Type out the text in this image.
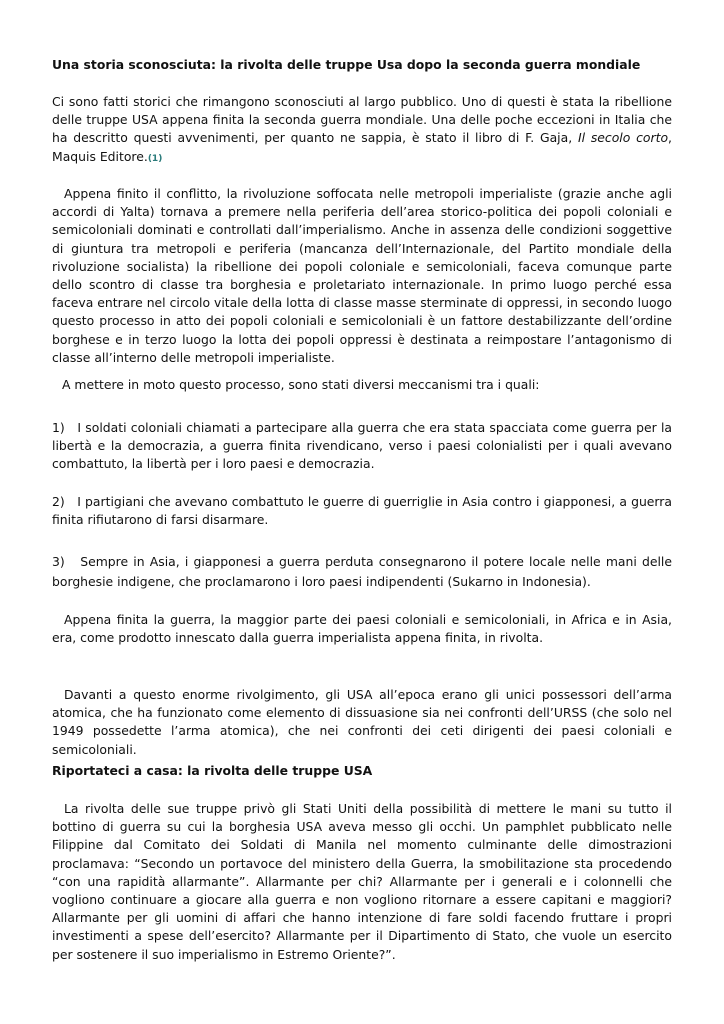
Una storia sconosciuta: la rivolta delle truppe Usa dopo la seconda guerra mondiale

Ci sono fatti storici che rimangono sconosciuti al largo pubblico. Uno di questi è stata la ribellione delle truppe USA appena finita la seconda guerra mondiale. Una delle poche eccezioni in Italia che ha descritto questi avvenimenti, per quanto ne sappia, è stato il libro di F. Gaja, Il secolo corto, Maquis Editore.(1)

Appena finito il conflitto, la rivoluzione soffocata nelle metropoli imperialiste (grazie anche agli accordi di Yalta) tornava a premere nella periferia dell’area storico-politica dei popoli coloniali e semicoloniali dominati e controllati dall’imperialismo. Anche in assenza delle condizioni soggettive di giuntura tra metropoli e periferia (mancanza dell’Internazionale, del Partito mondiale della rivoluzione socialista) la ribellione dei popoli coloniale e semicoloniali, faceva comunque parte dello scontro di classe tra borghesia e proletariato internazionale. In primo luogo perché essa faceva entrare nel circolo vitale della lotta di classe masse sterminate di oppressi, in secondo luogo questo processo in atto dei popoli coloniali e semicoloniali è un fattore destabilizzante dell’ordine borghese e in terzo luogo la lotta dei popoli oppressi è destinata a reimpostare l’antagonismo di classe all’interno delle metropoli imperialiste.

A mettere in moto questo processo, sono stati diversi meccanismi tra i quali:

1) I soldati coloniali chiamati a partecipare alla guerra che era stata spacciata come guerra per la libertà e la democrazia, a guerra finita rivendicano, verso i paesi colonialisti per i quali avevano combattuto, la libertà per i loro paesi e democrazia.

2) I partigiani che avevano combattuto le guerre di guerriglie in Asia contro i giapponesi, a guerra finita rifiutarono di farsi disarmare.

3) Sempre in Asia, i giapponesi a guerra perduta consegnarono il potere locale nelle mani delle borghesie indigene, che proclamarono i loro paesi indipendenti (Sukarno in Indonesia).

Appena finita la guerra, la maggior parte dei paesi coloniali e semicoloniali, in Africa e in Asia, era, come prodotto innescato dalla guerra imperialista appena finita, in rivolta.

Davanti a questo enorme rivolgimento, gli USA all’epoca erano gli unici possessori dell’arma atomica, che ha funzionato come elemento di dissuasione sia nei confronti dell’URSS (che solo nel 1949 possedette l’arma atomica), che nei confronti dei ceti dirigenti dei paesi coloniali e semicoloniali.

Riportateci a casa: la rivolta delle truppe USA

La rivolta delle sue truppe privò gli Stati Uniti della possibilità di mettere le mani su tutto il bottino di guerra su cui la borghesia USA aveva messo gli occhi. Un pamphlet pubblicato nelle Filippine dal Comitato dei Soldati di Manila nel momento culminante delle dimostrazioni proclamava: “Secondo un portavoce del ministero della Guerra, la smobilitazione sta procedendo “con una rapidità allarmante”. Allarmante per chi? Allarmante per i generali e i colonnelli che vogliono continuare a giocare alla guerra e non vogliono ritornare a essere capitani e maggiori? Allarmante per gli uomini di affari che hanno intenzione di fare soldi facendo fruttare i propri investimenti a spese dell’esercito? Allarmante per il Dipartimento di Stato, che vuole un esercito per sostenere il suo imperialismo in Estremo Oriente?”.
